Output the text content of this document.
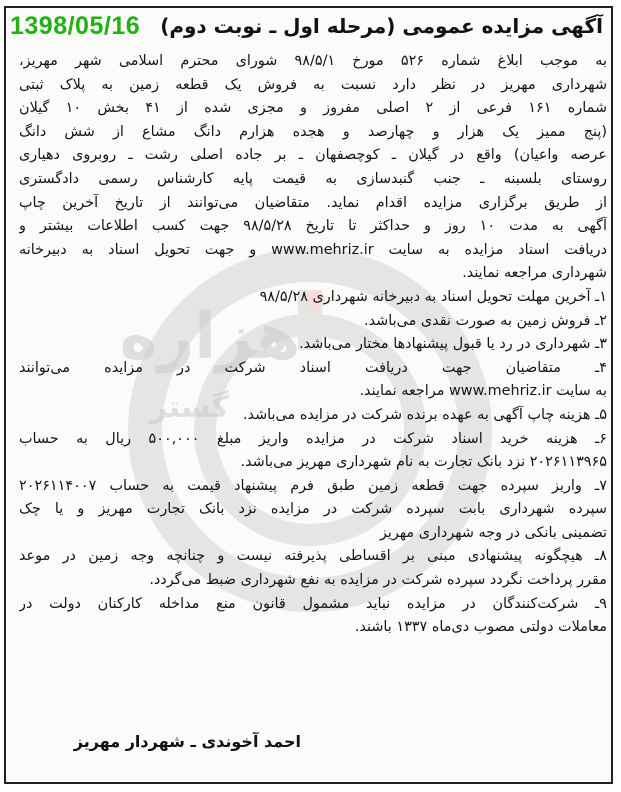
هزاره
گستر
1398/05/16 آگهی مزایده عمومی (مرحله اول ـ نوبت دوم)
به موجب ابلاغ شماره ۵۲۶ مورخ ۹۸/۵/۱ شورای محترم اسلامی شهر مهریز،
شهرداری مهریز در نظر دارد نسبت به فروش یک قطعه زمین به پلاک ثبتی
شماره ۱۶۱ فرعی از ۲ اصلی مفروز و مجزی شده از ۴۱ بخش ۱۰ گیلان
(پنج ممیز یک هزار و چهارصد و هجده هزارم دانگ مشاع از شش دانگ
عرصه واعیان) واقع در گیلان ـ کوچصفهان ـ بر جاده اصلی رشت ـ روبروی دهیاری
روستای بلسبنه ـ جنب گنبدسازی به قیمت پایه کارشناس رسمی دادگستری
از طریق برگزاری مزایده اقدام نماید. متقاضیان می‌توانند از تاریخ آخرین چاپ
آگهی به مدت ۱۰ روز و حداکثر تا تاریخ ۹۸/۵/۲۸ جهت کسب اطلاعات بیشتر و
دریافت اسناد مزایده به سایت www.mehriz.ir و جهت تحویل اسناد به دبیرخانه
شهرداری مراجعه نمایند.
۱ـ آخرین مهلت تحویل اسناد به دبیرخانه شهرداری ۹۸/۵/۲۸
۲ـ فروش زمین به صورت نقدی می‌باشد.
۳ـ شهرداری در رد یا قبول پیشنهادها مختار می‌باشد.
۴ـ متقاضیان جهت دریافت اسناد شرکت در مزایده می‌توانند
به سایت www.mehriz.ir مراجعه نمایند.
۵ـ هزینه چاپ آگهی به عهده برنده شرکت در مزایده می‌باشد.
۶ـ هزینه خرید اسناد شرکت در مزایده واریز مبلغ ۵۰۰,۰۰۰ ریال به حساب
۲۰۲۶۱۱۳۹۶۵ نزد بانک تجارت به نام شهرداری مهریز می‌باشد.
۷ـ واریز سپرده جهت قطعه زمین طبق فرم پیشنهاد قیمت به حساب ۲۰۲۶۱۱۴۰۰۷
سپرده شهرداری بابت سپرده شرکت در مزایده نزد بانک تجارت مهریز و یا چک
تضمینی بانکی در وجه شهرداری مهریز
۸ـ هیچگونه پیشنهادی مبنی بر اقساطی پذیرفته نیست و چنانچه وجه زمین در موعد
مقرر پرداخت نگردد سپرده شرکت در مزایده به نفع شهرداری ضبط می‌گردد.
۹ـ شرکت‌کنندگان در مزایده نباید مشمول قانون منع مداخله کارکنان دولت در
معاملات دولتی مصوب دی‌ماه ۱۳۳۷ باشند.
احمد آخوندی ـ شهردار مهریز
